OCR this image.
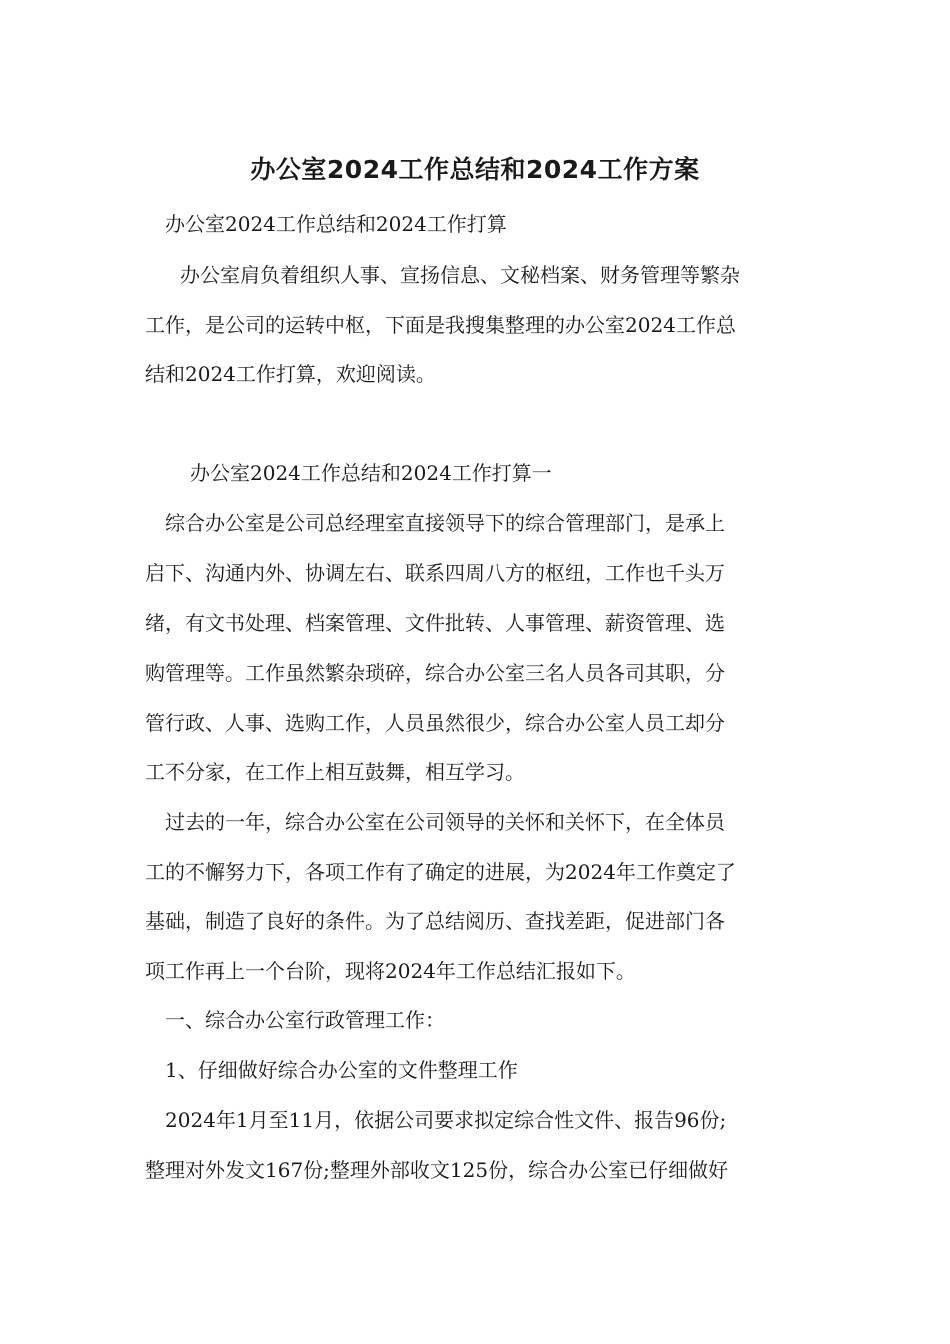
办公室2024工作总结和2024工作方案

办公室2024工作总结和2024工作打算

办公室肩负着组织人事、宣扬信息、文秘档案、财务管理等繁杂

工作，是公司的运转中枢，下面是我搜集整理的办公室2024工作总

结和2024工作打算，欢迎阅读。

办公室2024工作总结和2024工作打算一

综合办公室是公司总经理室直接领导下的综合管理部门，是承上

启下、沟通内外、协调左右、联系四周八方的枢纽，工作也千头万

绪，有文书处理、档案管理、文件批转、人事管理、薪资管理、选

购管理等。工作虽然繁杂琐碎，综合办公室三名人员各司其职，分

管行政、人事、选购工作，人员虽然很少，综合办公室人员工却分

工不分家，在工作上相互鼓舞，相互学习。

过去的一年，综合办公室在公司领导的关怀和关怀下，在全体员

工的不懈努力下，各项工作有了确定的进展，为2024年工作奠定了

基础，制造了良好的条件。为了总结阅历、查找差距，促进部门各

项工作再上一个台阶，现将2024年工作总结汇报如下。

一、综合办公室行政管理工作：

1、仔细做好综合办公室的文件整理工作

2024年1月至11月，依据公司要求拟定综合性文件、报告96份;

整理对外发文167份;整理外部收文125份，综合办公室已仔细做好
